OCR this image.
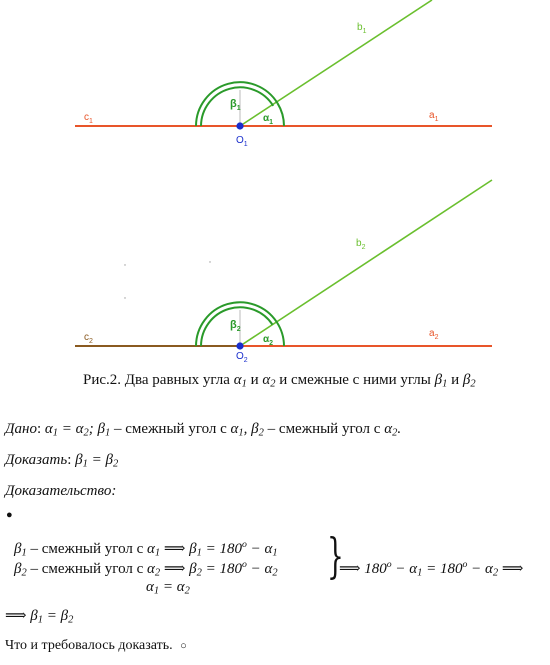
$c_1$
$a_1$
$b_1$
$O_1$
$\beta_1$
$\alpha_1$
$c_2$
$a_2$
$b_2$
$O_2$
$\beta_2$
$\alpha_2$
Рис.2. Два равных угла $\alpha_1$ и $\alpha_2$ и смежные с ними углы $\beta_1$ и $\beta_2$
Дано: $\alpha_1 = \alpha_2$; $\beta_1$ – смежный угол с $\alpha_1$, $\beta_2$ – смежный угол с $\alpha_2$.
Доказать: $\beta_1 = \beta_2$
Доказательство:
●
$\beta_1$ – смежный угол с $\alpha_1$ ⟹ $\beta_1 = 180^o - \alpha_1$
$\beta_2$ – смежный угол с $\alpha_2$ ⟹ $\beta_2 = 180^o - \alpha_2$
$\alpha_1 = \alpha_2$
}
⟹ $180^o - \alpha_1 = 180^o - \alpha_2$ ⟹
⟹ $\beta_1 = \beta_2$
Что и требовалось доказать. ○
